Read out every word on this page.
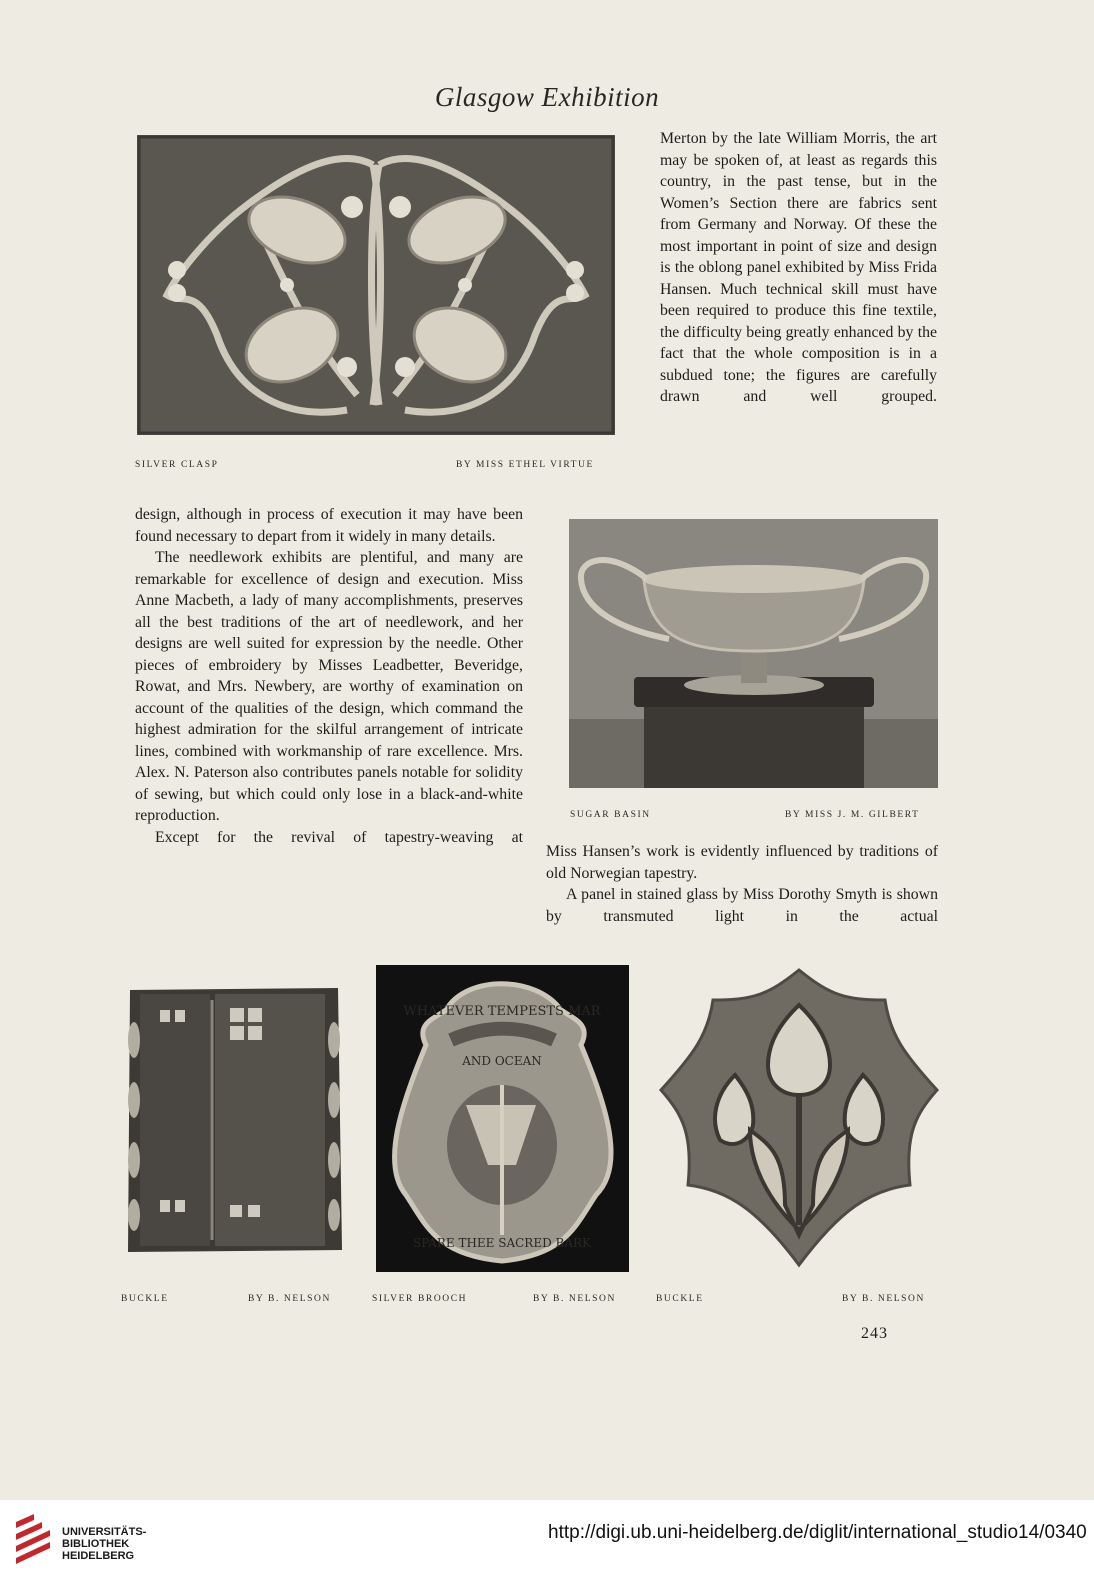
Glasgow Exhibition
SILVER CLASP	BY MISS ETHEL VIRTUE

Merton by the late William Morris, the art may be spoken of, at least as regards this country, in the past tense, but in the Women’s Section there are fabrics sent from Germany and Norway. Of these the most important in point of size and design is the oblong panel exhibited by Miss Frida Hansen. Much technical skill must have been required to produce this fine textile, the difficulty being greatly enhanced by the fact that the whole composition is in a subdued tone; the figures are carefully drawn and well grouped.

design, although in process of execution it may have been found necessary to depart from it widely in many details.

The needlework exhibits are plentiful, and many are remarkable for excellence of design and execution. Miss Anne Macbeth, a lady of many accomplishments, preserves all the best traditions of the art of needlework, and her designs are well suited for expression by the needle. Other pieces of embroidery by Misses Leadbetter, Beveridge, Rowat, and Mrs. Newbery, are worthy of examination on account of the qualities of the design, which command the highest admiration for the skilful arrangement of intricate lines, combined with workmanship of rare excellence. Mrs. Alex. N. Paterson also contributes panels notable for solidity of sewing, but which could only lose in a black-and-white reproduction.

Except for the revival of tapestry-weaving at

SUGAR BASIN	BY MISS J. M. GILBERT

Miss Hansen’s work is evidently influenced by traditions of old Norwegian tapestry.

A panel in stained glass by Miss Dorothy Smyth is shown by transmuted light in the actual

WHATEVER TEMPESTS MAR
AND OCEAN
SPARE THEE SACRED BARK
BUCKLE	BY B. NELSON	SILVER BROOCH	BY B. NELSON	BUCKLE	BY B. NELSON
243
UNIVERSITÄTS-
BIBLIOTHEK
HEIDELBERG
http://digi.ub.uni-heidelberg.de/diglit/international_studio14/0340
